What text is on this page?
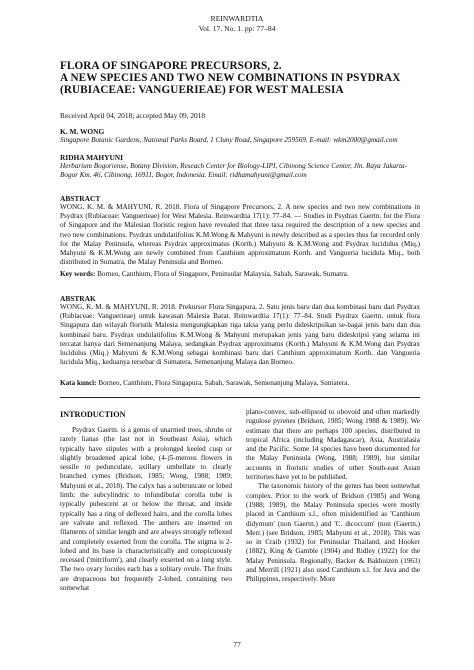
REINWARDTIA
Vol. 17. No. 1. pp: 77–84
FLORA OF SINGAPORE PRECURSORS, 2.
A NEW SPECIES AND TWO NEW COMBINATIONS IN PSYDRAX
(RUBIACEAE: VANGUERIEAE) FOR WEST MALESIA
Received April 04, 2018; accepted May 09, 2018
K. M. WONG
Singapore Botanic Gardens, National Parks Board, 1 Cluny Road, Singapore 259569. E-mail: wkm2000@gmail.com
RIDHA MAHYUNI
Herbarium Bogoriense, Botany Division, Reseach Center for Biology-LIPI, Cibinong Science Center, Jln. Raya Jakarta-Bogor Km. 46, Cibinong, 16911, Bogor, Indonesia. Email: ridhamahyuni@gmail.com
ABSTRACT
WONG, K. M. & MAHYUNI, R. 2018. Flora of Singapore Precursors, 2. A new species and two new combinations in Psydrax (Rubiaceae: Vanguerieae) for West Malesia. Reinwardtia 17(1): 77–84. — Studies in Psydrax Gaertn. for the Flora of Singapore and the Malesian floristic region have revealed that three taxa required the description of a new species and two new combinations. Psydrax undulatifolius K.M.Wong & Mahyuni is newly described as a species thus far recorded only for the Malay Peninsula, whereas Psydrax approximatus (Korth.) Mahyuni & K.M.Wong and Psydrax lucidulus (Miq.) Mahyuni & K.M.Wong are newly combined from Canthium approximatum Korth. and Vangueria lucidula Miq., both distributed in Sumatra, the Malay Peninsula and Borneo.
Key words: Borneo, Canthium, Flora of Singapore, Peninsular Malaysia, Sabah, Sarawak, Sumatra.
ABSTRAK
WONG, K. M. & MAHYUNI, R. 2018. Prekursor Flora Singapura, 2. Satu jenis baru dan dua kombinasi baru dari Psydrax (Rubiaceae: Vanguerieae) untuk kawasan Malesia Barat. Reinwardtia 17(1): 77–84. Studi Psydrax Gaertn. untuk flora Singapura dan wilayah floristik Malesia mengungkapkan tiga taksa yang perlu dideskripsikan se-bagai jenis baru dan dua kombinasi baru. Psydrax undulatifolius K.M.Wong & Mahyuni merupakan jenis yang baru dideskripsi yang selama ini tercatat hanya dari Semenanjung Malaya, sedangkan Psydrax approximatus (Korth.) Mahyuni & K.M.Wong dan Psydrax lucidulus (Miq.) Mahyuni & K.M.Wong sebagai kombinasi baru dari Canthium approximatum Korth. dan Vangueria lucidula Miq., keduanya tersebar di Sumatera, Semenanjung Malaya dan Borneo.
Kata kunci: Borneo, Canthium, Flora Singapura, Sabah, Sarawak, Semenanjung Malaya, Sumatera.
INTRODUCTION
Psydrax Gaertn. is a genus of unarmed trees, shrubs or rarely lianas (the last not in Southeast Asia), which typically have stipules with a prolonged keeled cusp or slightly broadened apical lobe, (4-)5-merous flowers in sessile to pedunculate, axillary umbellate to clearly branched cymes (Bridson, 1985; Wong, 1988; 1989; Mahyuni et al., 2018). The calyx has a subtruncate or lobed limb; the subcylindric to infundibular corolla tube is typically pubescent at or below the throat, and inside typically has a ring of deflexed hairs, and the corolla lobes are valvate and reflexed. The anthers are inserted on filaments of similar length and are always strongly reflexed and completely exserted from the corolla. The stigma is 2-lobed and its base is characteristically and conspicuously recessed ('mitriform'), and clearly exserted on a long style. The two ovary locules each has a solitary ovule. The fruits are drupaceous but frequently 2-lobed, containing two somewhat
plano-convex, sub-ellipsoid to obovoid and often markedly rugulose pyrenes (Bridson, 1985; Wong 1988 & 1989). We estimate that there are perhaps 100 species, distributed in tropical Africa (including Madagascar), Asia, Australasia and the Pacific. Some 14 species have been documented for the Malay Peninsula (Wong, 1988; 1989), but similar accounts in floristic studies of other South-east Asian territories have yet to be published.
The taxonomic history of the genus has been somewhat complex. Prior to the work of Bridson (1985) and Wong (1988; 1989), the Malay Peninsula species were mostly placed in Canthium s.l., often misidentified as 'Canthium didymum' (non Gaertn.) and 'C. dicoccum' (non (Gaertn.) Merr.) (see Bridson, 1985; Mahyuni et al., 2018). This was so in Craib (1932) for Peninsular Thailand, and Hooker (1882), King & Gamble (1904) and Ridley (1922) for the Malay Peninsula. Regionally, Backer & Bakhuizen (1963) and Merrill (1921) also used Canthium s.l. for Java and the Philippines, respectively. More
77
